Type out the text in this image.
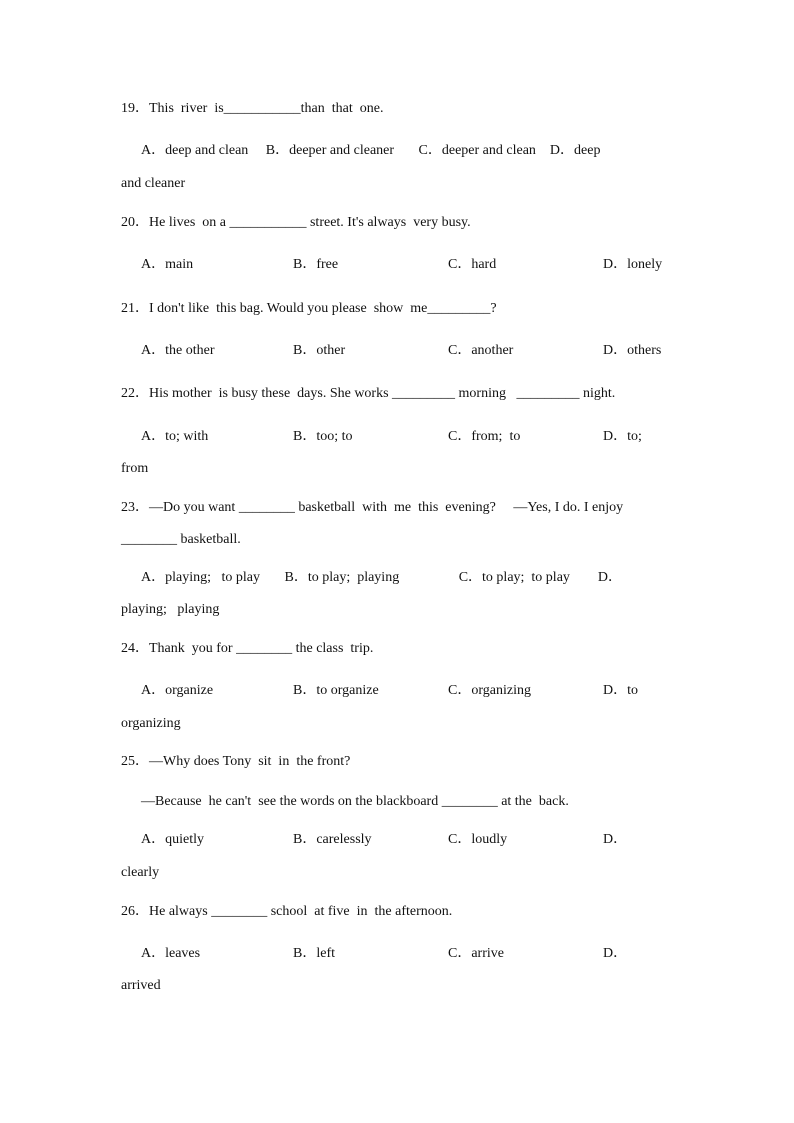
19．This  river  is___________than  that  one.
A．deep and clean     B．deeper and cleaner       C．deeper and clean    D．deep
and cleaner
20．He lives  on a ___________ street. It's always  very busy.
A．main	B．free	C．hard	D．lonely
21．I don't like  this bag. Would you please  show  me_________?
A．the other	B．other	C．another	D．others
22．His mother  is busy these  days. She works _________ morning   _________ night.
A．to; with	B．too; to	C．from;  to	D．to;
from
23．—Do you want ________ basketball  with  me  this  evening?     —Yes, I do. I enjoy
________ basketball.
A．playing;   to play       B．to play;  playing                 C．to play;  to play        D．
playing;   playing
24．Thank  you for ________ the class  trip.
A．organize	B．to organize	C．organizing	D．to
organizing
25．—Why does Tony  sit  in  the front?
—Because  he can't  see the words on the blackboard ________ at the  back.
A．quietly	B．carelessly	C．loudly	D．
clearly
26．He always ________ school  at five  in  the afternoon.
A．leaves	B．left	C．arrive	D．
arrived
